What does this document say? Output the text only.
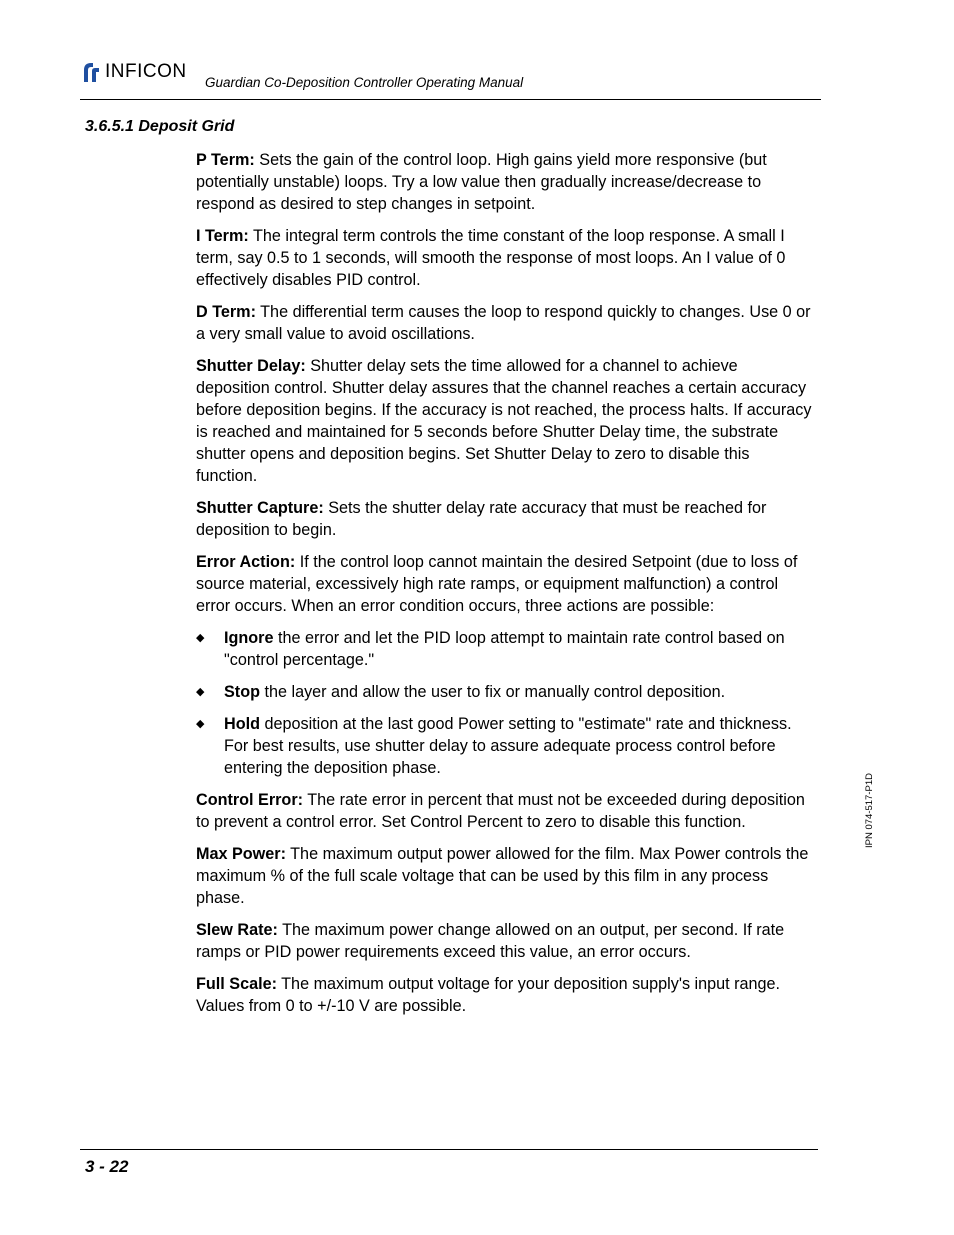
INFICON
Guardian Co-Deposition Controller Operating Manual
3.6.5.1 Deposit Grid

P Term: Sets the gain of the control loop. High gains yield more responsive (but potentially unstable) loops. Try a low value then gradually increase/decrease to respond as desired to step changes in setpoint.

I Term: The integral term controls the time constant of the loop response. A small I term, say 0.5 to 1 seconds, will smooth the response of most loops. An I value of 0 effectively disables PID control.

D Term: The differential term causes the loop to respond quickly to changes. Use 0 or a very small value to avoid oscillations.

Shutter Delay: Shutter delay sets the time allowed for a channel to achieve deposition control. Shutter delay assures that the channel reaches a certain accuracy before deposition begins. If the accuracy is not reached, the process halts. If accuracy is reached and maintained for 5 seconds before Shutter Delay time, the substrate shutter opens and deposition begins. Set Shutter Delay to zero to disable this function.

Shutter Capture: Sets the shutter delay rate accuracy that must be reached for deposition to begin.

Error Action: If the control loop cannot maintain the desired Setpoint (due to loss of source material, excessively high rate ramps, or equipment malfunction) a control error occurs. When an error condition occurs, three actions are possible:

◆ Ignore the error and let the PID loop attempt to maintain rate control based on "control percentage."
◆ Stop the layer and allow the user to fix or manually control deposition.
◆ Hold deposition at the last good Power setting to "estimate" rate and thickness. For best results, use shutter delay to assure adequate process control before entering the deposition phase.

Control Error: The rate error in percent that must not be exceeded during deposition to prevent a control error. Set Control Percent to zero to disable this function.

Max Power: The maximum output power allowed for the film. Max Power controls the maximum % of the full scale voltage that can be used by this film in any process phase.

Slew Rate: The maximum power change allowed on an output, per second. If rate ramps or PID power requirements exceed this value, an error occurs.

Full Scale: The maximum output voltage for your deposition supply's input range. Values from 0 to +/-10 V are possible.

IPN 074-517-P1D
3 - 22
